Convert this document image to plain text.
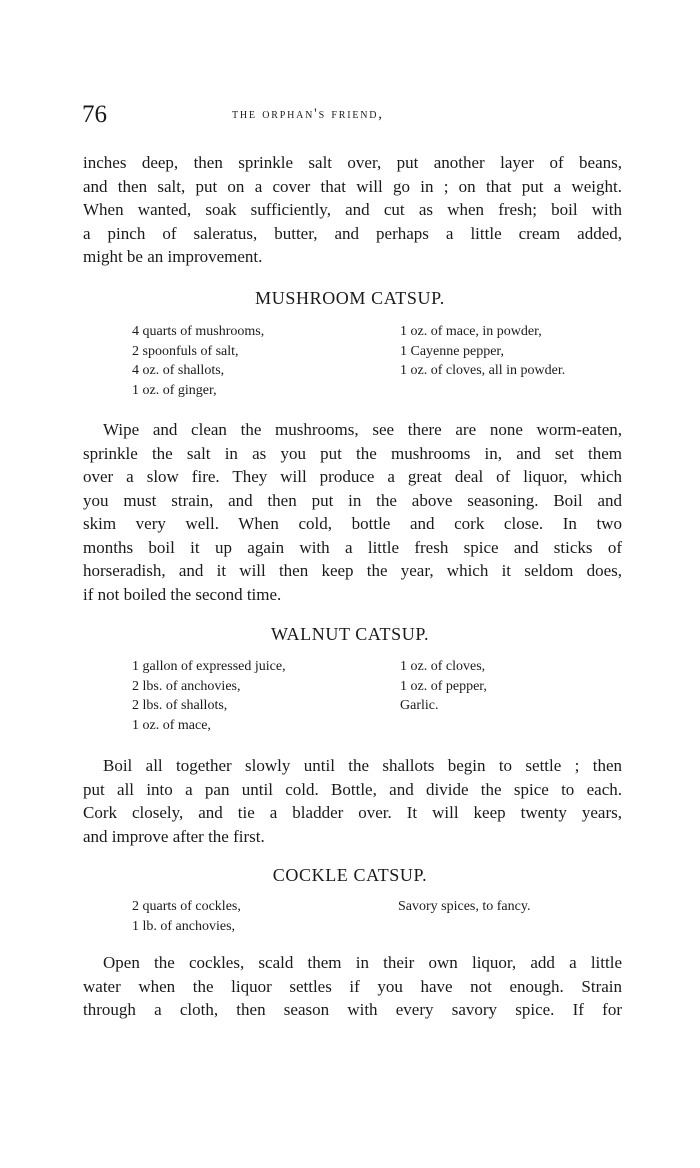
76	the orphan's friend,
inches deep, then sprinkle salt over, put another layer of beans,
and then salt, put on a cover that will go in ; on that put a weight.
When wanted, soak sufficiently, and cut as when fresh; boil with
a pinch of saleratus, butter, and perhaps a little cream added,
might be an improvement.
MUSHROOM CATSUP.
4 quarts of mushrooms,
2 spoonfuls of salt,
4 oz. of shallots,
1 oz. of ginger,
1 oz. of mace, in powder,
1 Cayenne pepper,
1 oz. of cloves, all in powder.
Wipe and clean the mushrooms, see there are none worm-eaten,
sprinkle the salt in as you put the mushrooms in, and set them
over a slow fire. They will produce a great deal of liquor, which
you must strain, and then put in the above seasoning. Boil and
skim very well. When cold, bottle and cork close. In two
months boil it up again with a little fresh spice and sticks of
horseradish, and it will then keep the year, which it seldom does,
if not boiled the second time.
WALNUT CATSUP.
1 gallon of expressed juice,
2 lbs. of anchovies,
2 lbs. of shallots,
1 oz. of mace,
1 oz. of cloves,
1 oz. of pepper,
Garlic.
Boil all together slowly until the shallots begin to settle ; then
put all into a pan until cold. Bottle, and divide the spice to each.
Cork closely, and tie a bladder over. It will keep twenty years,
and improve after the first.
COCKLE CATSUP.
2 quarts of cockles,
1 lb. of anchovies,
Savory spices, to fancy.
Open the cockles, scald them in their own liquor, add a little
water when the liquor settles if you have not enough. Strain
through a cloth, then season with every savory spice. If for
